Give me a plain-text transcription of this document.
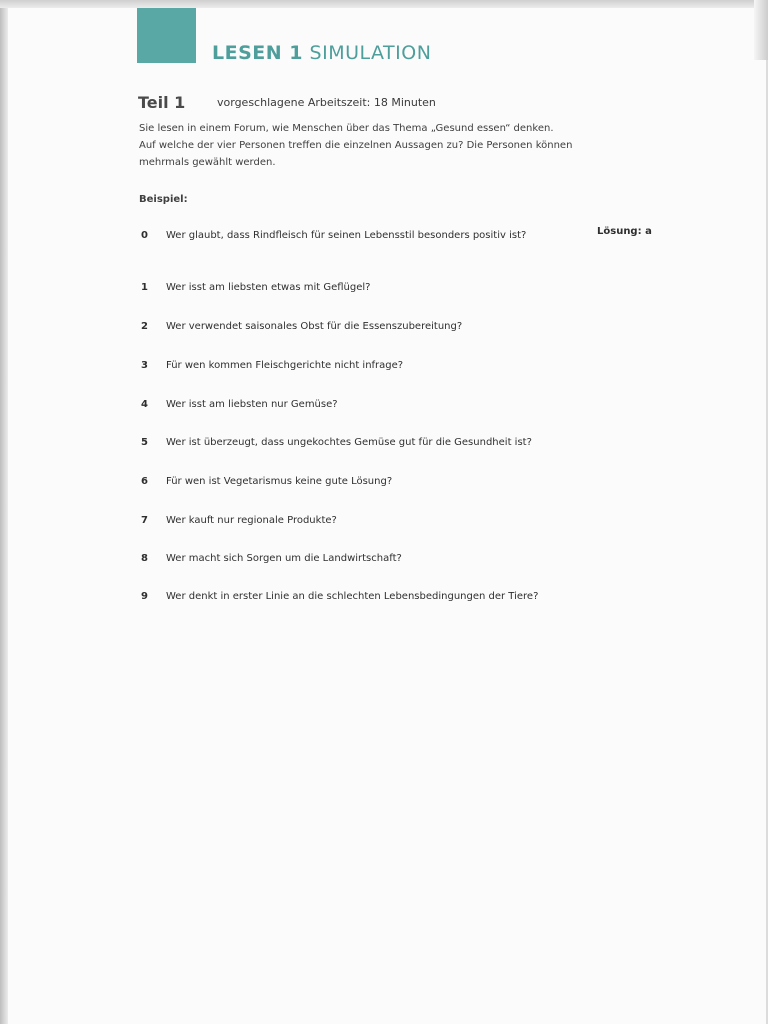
LESEN 1 SIMULATION
Teil 1	vorgeschlagene Arbeitszeit: 18 Minuten
Sie lesen in einem Forum, wie Menschen über das Thema „Gesund essen“ denken.
Auf welche der vier Personen treffen die einzelnen Aussagen zu? Die Personen können
mehrmals gewählt werden.
Beispiel:
0 Wer glaubt, dass Rindfleisch für seinen Lebensstil besonders positiv ist?	Lösung: a
1 Wer isst am liebsten etwas mit Geflügel?
2 Wer verwendet saisonales Obst für die Essenszubereitung?
3 Für wen kommen Fleischgerichte nicht infrage?
4 Wer isst am liebsten nur Gemüse?
5 Wer ist überzeugt, dass ungekochtes Gemüse gut für die Gesundheit ist?
6 Für wen ist Vegetarismus keine gute Lösung?
7 Wer kauft nur regionale Produkte?
8 Wer macht sich Sorgen um die Landwirtschaft?
9 Wer denkt in erster Linie an die schlechten Lebensbedingungen der Tiere?
